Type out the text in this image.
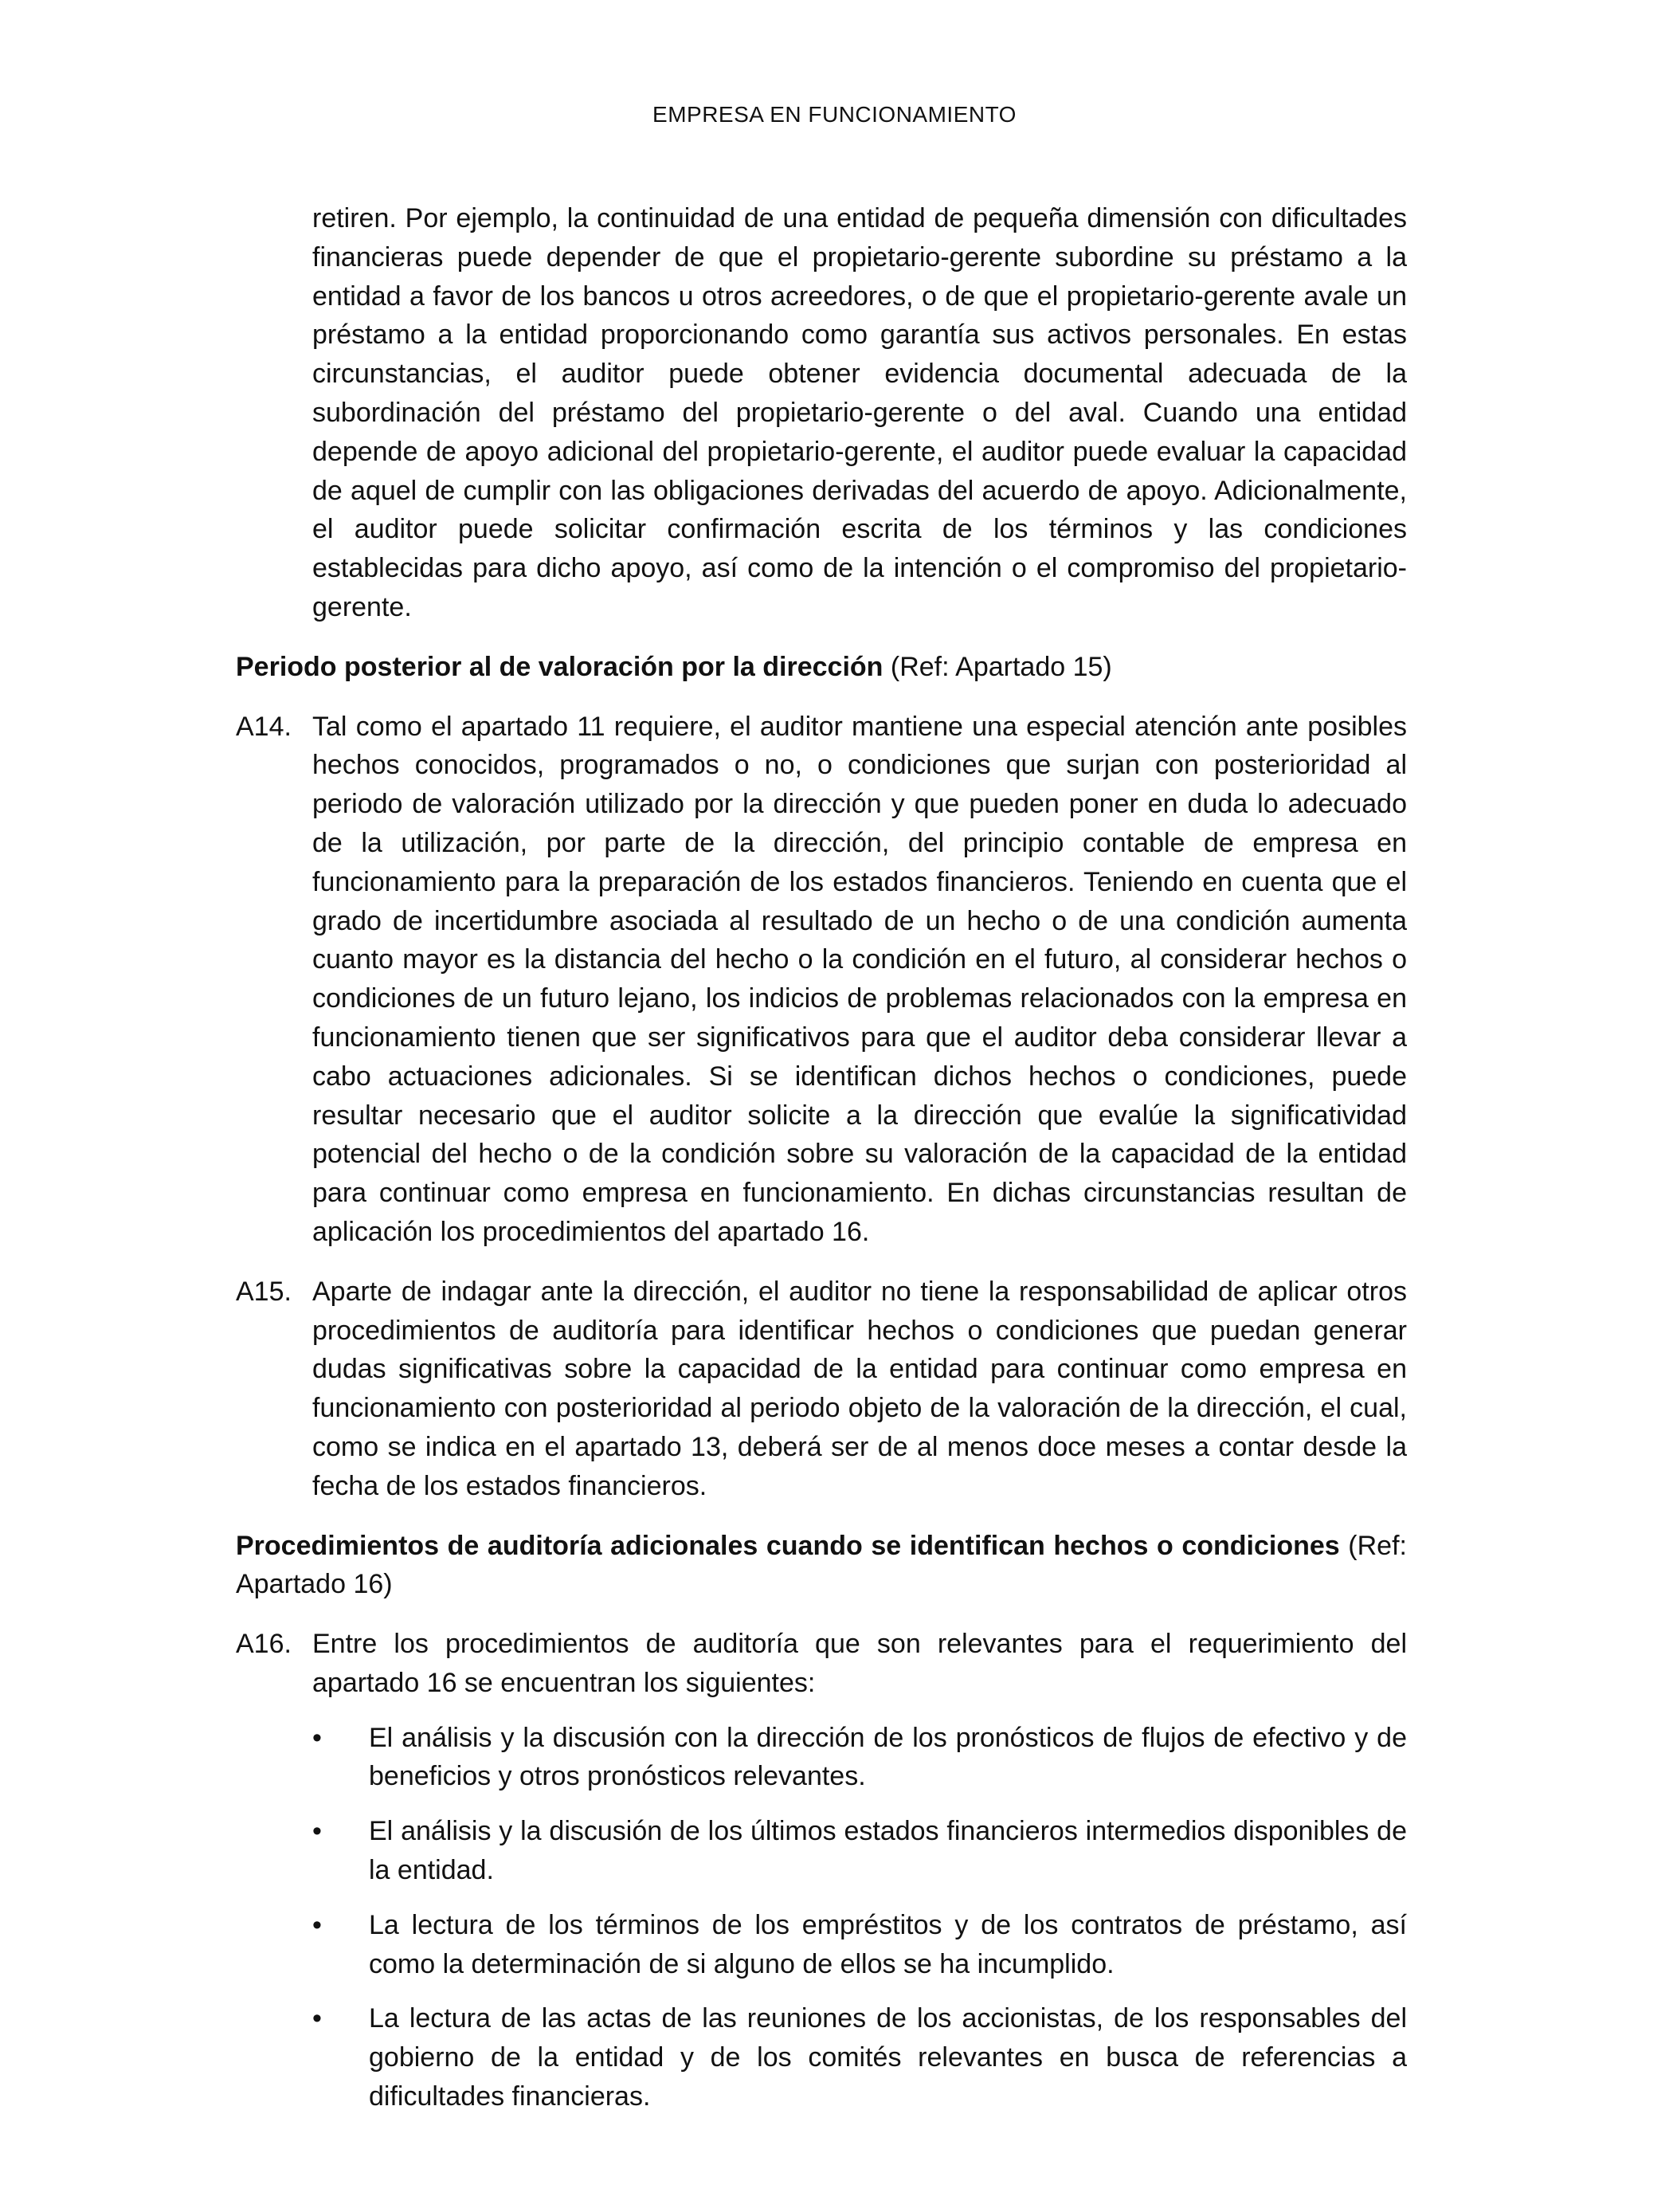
EMPRESA EN FUNCIONAMIENTO

retiren. Por ejemplo, la continuidad de una entidad de pequeña dimensión con dificultades financieras puede depender de que el propietario-gerente subordine su préstamo a la entidad a favor de los bancos u otros acreedores, o de que el propietario-gerente avale un préstamo a la entidad proporcionando como garantía sus activos personales. En estas circunstancias, el auditor puede obtener evidencia documental adecuada de la subordinación del préstamo del propietario-gerente o del aval. Cuando una entidad depende de apoyo adicional del propietario-gerente, el auditor puede evaluar la capacidad de aquel de cumplir con las obligaciones derivadas del acuerdo de apoyo. Adicionalmente, el auditor puede solicitar confirmación escrita de los términos y las condiciones establecidas para dicho apoyo, así como de la intención o el compromiso del propietario-gerente.

Periodo posterior al de valoración por la dirección (Ref: Apartado 15)

A14. Tal como el apartado 11 requiere, el auditor mantiene una especial atención ante posibles hechos conocidos, programados o no, o condiciones que surjan con posterioridad al periodo de valoración utilizado por la dirección y que pueden poner en duda lo adecuado de la utilización, por parte de la dirección, del principio contable de empresa en funcionamiento para la preparación de los estados financieros. Teniendo en cuenta que el grado de incertidumbre asociada al resultado de un hecho o de una condición aumenta cuanto mayor es la distancia del hecho o la condición en el futuro, al considerar hechos o condiciones de un futuro lejano, los indicios de problemas relacionados con la empresa en funcionamiento tienen que ser significativos para que el auditor deba considerar llevar a cabo actuaciones adicionales. Si se identifican dichos hechos o condiciones, puede resultar necesario que el auditor solicite a la dirección que evalúe la significatividad potencial del hecho o de la condición sobre su valoración de la capacidad de la entidad para continuar como empresa en funcionamiento. En dichas circunstancias resultan de aplicación los procedimientos del apartado 16.
A15. Aparte de indagar ante la dirección, el auditor no tiene la responsabilidad de aplicar otros procedimientos de auditoría para identificar hechos o condiciones que puedan generar dudas significativas sobre la capacidad de la entidad para continuar como empresa en funcionamiento con posterioridad al periodo objeto de la valoración de la dirección, el cual, como se indica en el apartado 13, deberá ser de al menos doce meses a contar desde la fecha de los estados financieros.

Procedimientos de auditoría adicionales cuando se identifican hechos o condiciones (Ref: Apartado 16)

A16. Entre los procedimientos de auditoría que son relevantes para el requerimiento del apartado 16 se encuentran los siguientes:
• El análisis y la discusión con la dirección de los pronósticos de flujos de efectivo y de beneficios y otros pronósticos relevantes.
• El análisis y la discusión de los últimos estados financieros intermedios disponibles de la entidad.
• La lectura de los términos de los empréstitos y de los contratos de préstamo, así como la determinación de si alguno de ellos se ha incumplido.
• La lectura de las actas de las reuniones de los accionistas, de los responsables del gobierno de la entidad y de los comités relevantes en busca de referencias a dificultades financieras.
